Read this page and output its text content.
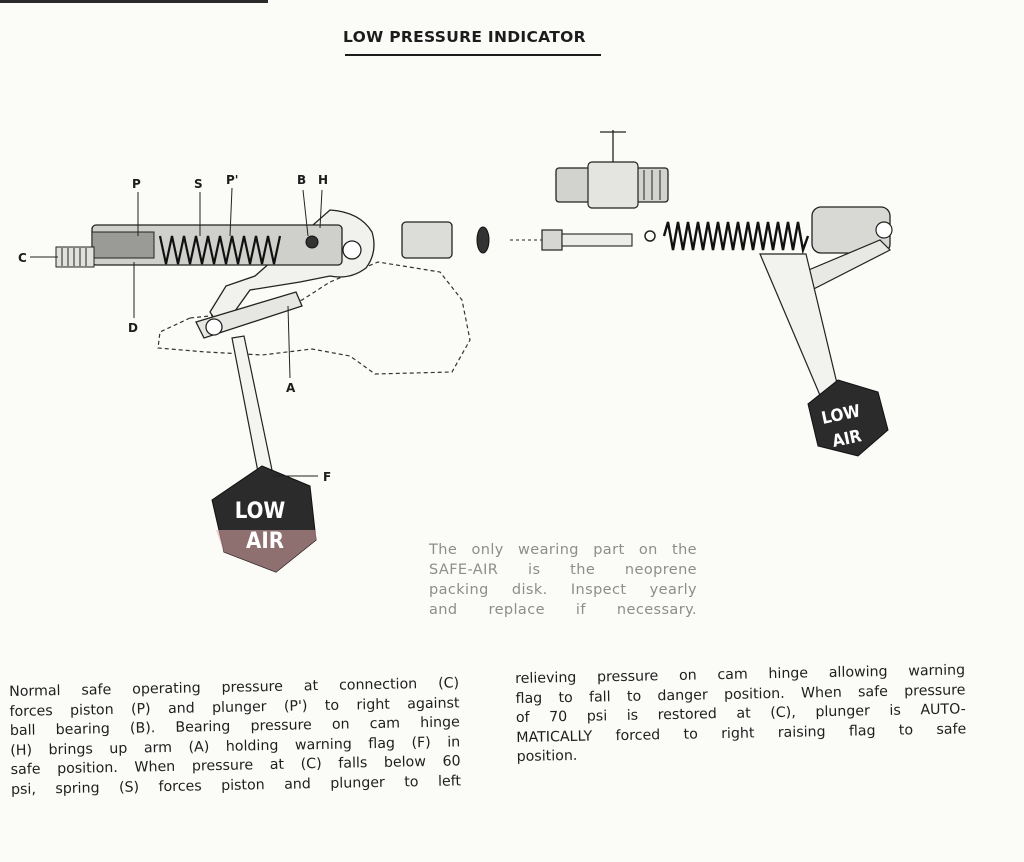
LOW PRESSURE INDICATOR
LOW
AIR
C
P	S P'	B H
D
A
F
LOW
AIR
The only wearing part on the
SAFE-AIR is the neoprene
packing disk. Inspect yearly
and replace if necessary.
Normal safe operating pressure at connection (C)
forces piston (P) and plunger (P') to right against
ball bearing (B). Bearing pressure on cam hinge
(H) brings up arm (A) holding warning flag (F) in
safe position. When pressure at (C) falls below 60
psi, spring (S) forces piston and plunger to left
relieving pressure on cam hinge allowing warning
flag to fall to danger position. When safe pressure
of 70 psi is restored at (C), plunger is AUTO-
MATICALLY forced to right raising flag to safe
position.
